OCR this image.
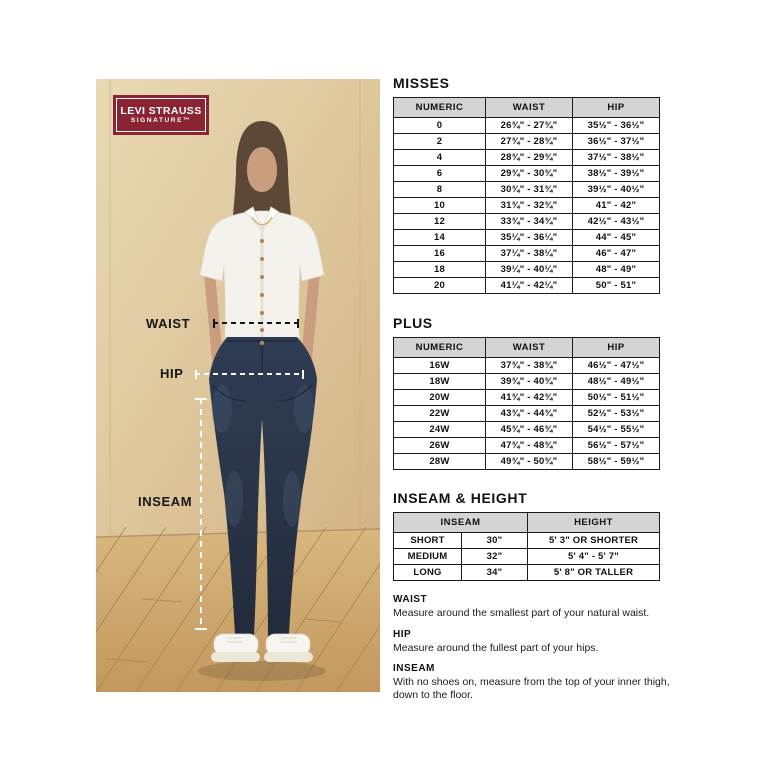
LEVI STRAUSS
SIGNATURE™
WAIST
HIP
INSEAM
MISSES
NUMERIC	WAIST	HIP
0	26¾" - 27¾"	35½" - 36½"
2	27¾" - 28¾"	36½" - 37½"
4	28¾" - 29¾"	37½" - 38½"
6	29¾" - 30¾"	38½" - 39½"
8	30¾" - 31¾"	39½" - 40½"
10	31¾" - 32¾"	41" - 42"
12	33¾" - 34¾"	42½" - 43½"
14	35¼" - 36¼"	44" - 45"
16	37¼" - 38¼"	46" - 47"
18	39¼" - 40¼"	48" - 49"
20	41¼" - 42¼"	50" - 51"
PLUS
NUMERIC	WAIST	HIP
16W	37¾" - 38¾"	46½" - 47½"
18W	39¾" - 40¾"	48½" - 49½"
20W	41¾" - 42¾"	50½" - 51½"
22W	43¾" - 44¾"	52½" - 53½"
24W	45¾" - 46¾"	54½" - 55½"
26W	47¾" - 48¾"	56½" - 57½"
28W	49¾" - 50¾"	58½" - 59½"
INSEAM & HEIGHT
INSEAM		HEIGHT
SHORT	30"	5' 3" OR SHORTER
MEDIUM	32"	5' 4" - 5' 7"
LONG	34"	5' 8" OR TALLER

WAIST

Measure around the smallest part of your natural waist.

HIP

Measure around the fullest part of your hips.

INSEAM

With no shoes on, measure from the top of your inner thigh, down to the floor.
